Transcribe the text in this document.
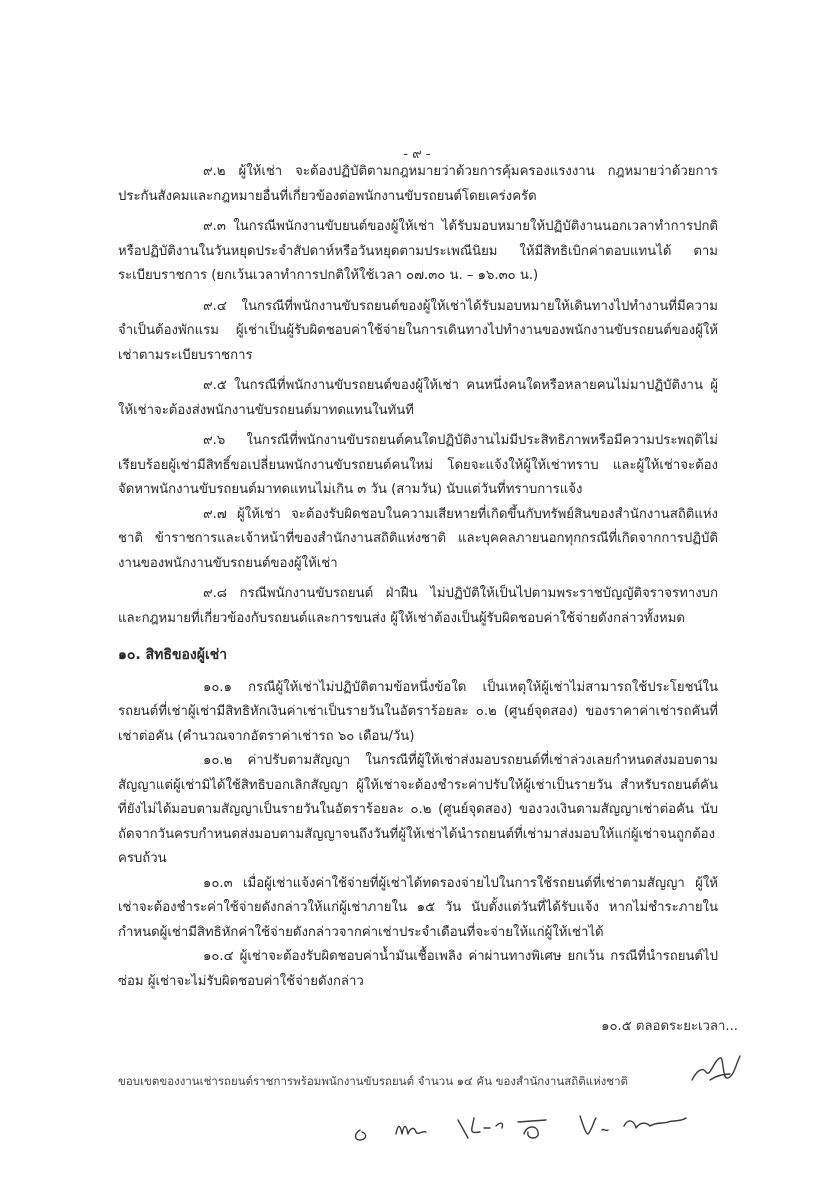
- ๙ -

๙.๒ ผู้ให้เช่า จะต้องปฏิบัติตามกฎหมายว่าด้วยการคุ้มครองแรงงาน กฎหมายว่าด้วยการประกันสังคมและกฎหมายอื่นที่เกี่ยวข้องต่อพนักงานขับรถยนต์โดยเคร่งครัด

๙.๓ ในกรณีพนักงานขับยนต์ของผู้ให้เช่า ได้รับมอบหมายให้ปฏิบัติงานนอกเวลาทำการปกติ หรือปฏิบัติงานในวันหยุดประจำสัปดาห์หรือวันหยุดตามประเพณีนิยม ให้มีสิทธิเบิกค่าตอบแทนได้ ตามระเบียบราชการ (ยกเว้นเวลาทำการปกติให้ใช้เวลา ๐๗.๓๐ น. – ๑๖.๓๐ น.)

๙.๔ ในกรณีที่พนักงานขับรถยนต์ของผู้ให้เช่าได้รับมอบหมายให้เดินทางไปทำงานที่มีความจำเป็นต้องพักแรม ผู้เช่าเป็นผู้รับผิดชอบค่าใช้จ่ายในการเดินทางไปทำงานของพนักงานขับรถยนต์ของผู้ให้เช่าตามระเบียบราชการ

๙.๕ ในกรณีที่พนักงานขับรถยนต์ของผู้ให้เช่า คนหนึ่งคนใดหรือหลายคนไม่มาปฏิบัติงาน ผู้ให้เช่าจะต้องส่งพนักงานขับรถยนต์มาทดแทนในทันที

๙.๖ ในกรณีที่พนักงานขับรถยนต์คนใดปฏิบัติงานไม่มีประสิทธิภาพหรือมีความประพฤติไม่เรียบร้อยผู้เช่ามีสิทธิ์ขอเปลี่ยนพนักงานขับรถยนต์คนใหม่ โดยจะแจ้งให้ผู้ให้เช่าทราบ และผู้ให้เช่าจะต้องจัดหาพนักงานขับรถยนต์มาทดแทนไม่เกิน ๓ วัน (สามวัน) นับแต่วันที่ทราบการแจ้ง

๙.๗ ผู้ให้เช่า จะต้องรับผิดชอบในความเสียหายที่เกิดขึ้นกับทรัพย์สินของสำนักงานสถิติแห่งชาติ ข้าราชการและเจ้าหน้าที่ของสำนักงานสถิติแห่งชาติ และบุคคลภายนอกทุกกรณีที่เกิดจากการปฏิบัติงานของพนักงานขับรถยนต์ของผู้ให้เช่า

๙.๘ กรณีพนักงานขับรถยนต์ ฝ่าฝืน ไม่ปฏิบัติให้เป็นไปตามพระราชบัญญัติจราจรทางบก และกฎหมายที่เกี่ยวข้องกับรถยนต์และการขนส่ง ผู้ให้เช่าต้องเป็นผู้รับผิดชอบค่าใช้จ่ายดังกล่าวทั้งหมด

๑๐. สิทธิของผู้เช่า

๑๐.๑ กรณีผู้ให้เช่าไม่ปฏิบัติตามข้อหนึ่งข้อใด เป็นเหตุให้ผู้เช่าไม่สามารถใช้ประโยชน์ในรถยนต์ที่เช่าผู้เช่ามีสิทธิหักเงินค่าเช่าเป็นรายวันในอัตราร้อยละ ๐.๒ (ศูนย์จุดสอง) ของราคาค่าเช่ารถคันที่เช่าต่อคัน (คำนวณจากอัตราค่าเช่ารถ ๖๐ เดือน/วัน)

๑๐.๒ ค่าปรับตามสัญญา ในกรณีที่ผู้ให้เช่าส่งมอบรถยนต์ที่เช่าล่วงเลยกำหนดส่งมอบตามสัญญาแต่ผู้เช่ามิได้ใช้สิทธิบอกเลิกสัญญา ผู้ให้เช่าจะต้องชำระค่าปรับให้ผู้เช่าเป็นรายวัน สำหรับรถยนต์คันที่ยังไม่ได้มอบตามสัญญาเป็นรายวันในอัตราร้อยละ ๐.๒ (ศูนย์จุดสอง) ของวงเงินตามสัญญาเช่าต่อคัน นับถัดจากวันครบกำหนดส่งมอบตามสัญญาจนถึงวันที่ผู้ให้เช่าได้นำรถยนต์ที่เช่ามาส่งมอบให้แก่ผู้เช่าจนถูกต้องครบถ้วน

๑๐.๓ เมื่อผู้เช่าแจ้งค่าใช้จ่ายที่ผู้เช่าได้ทดรองจ่ายไปในการใช้รถยนต์ที่เช่าตามสัญญา ผู้ให้เช่าจะต้องชำระค่าใช้จ่ายดังกล่าวให้แก่ผู้เช่าภายใน ๑๕ วัน นับตั้งแต่วันที่ได้รับแจ้ง หากไม่ชำระภายในกำหนดผู้เช่ามีสิทธิหักค่าใช้จ่ายดังกล่าวจากค่าเช่าประจำเดือนที่จะจ่ายให้แก่ผู้ให้เช่าได้

๑๐.๔ ผู้เช่าจะต้องรับผิดชอบค่าน้ำมันเชื้อเพลิง ค่าผ่านทางพิเศษ ยกเว้น กรณีที่นำรถยนต์ไปซ่อม ผู้เช่าจะไม่รับผิดชอบค่าใช้จ่ายดังกล่าว

๑๐.๕ ตลอดระยะเวลา...
ขอบเขตของงานเช่ารถยนต์ราชการพร้อมพนักงานขับรถยนต์ จำนวน ๑๔ คัน ของสำนักงานสถิติแห่งชาติ
